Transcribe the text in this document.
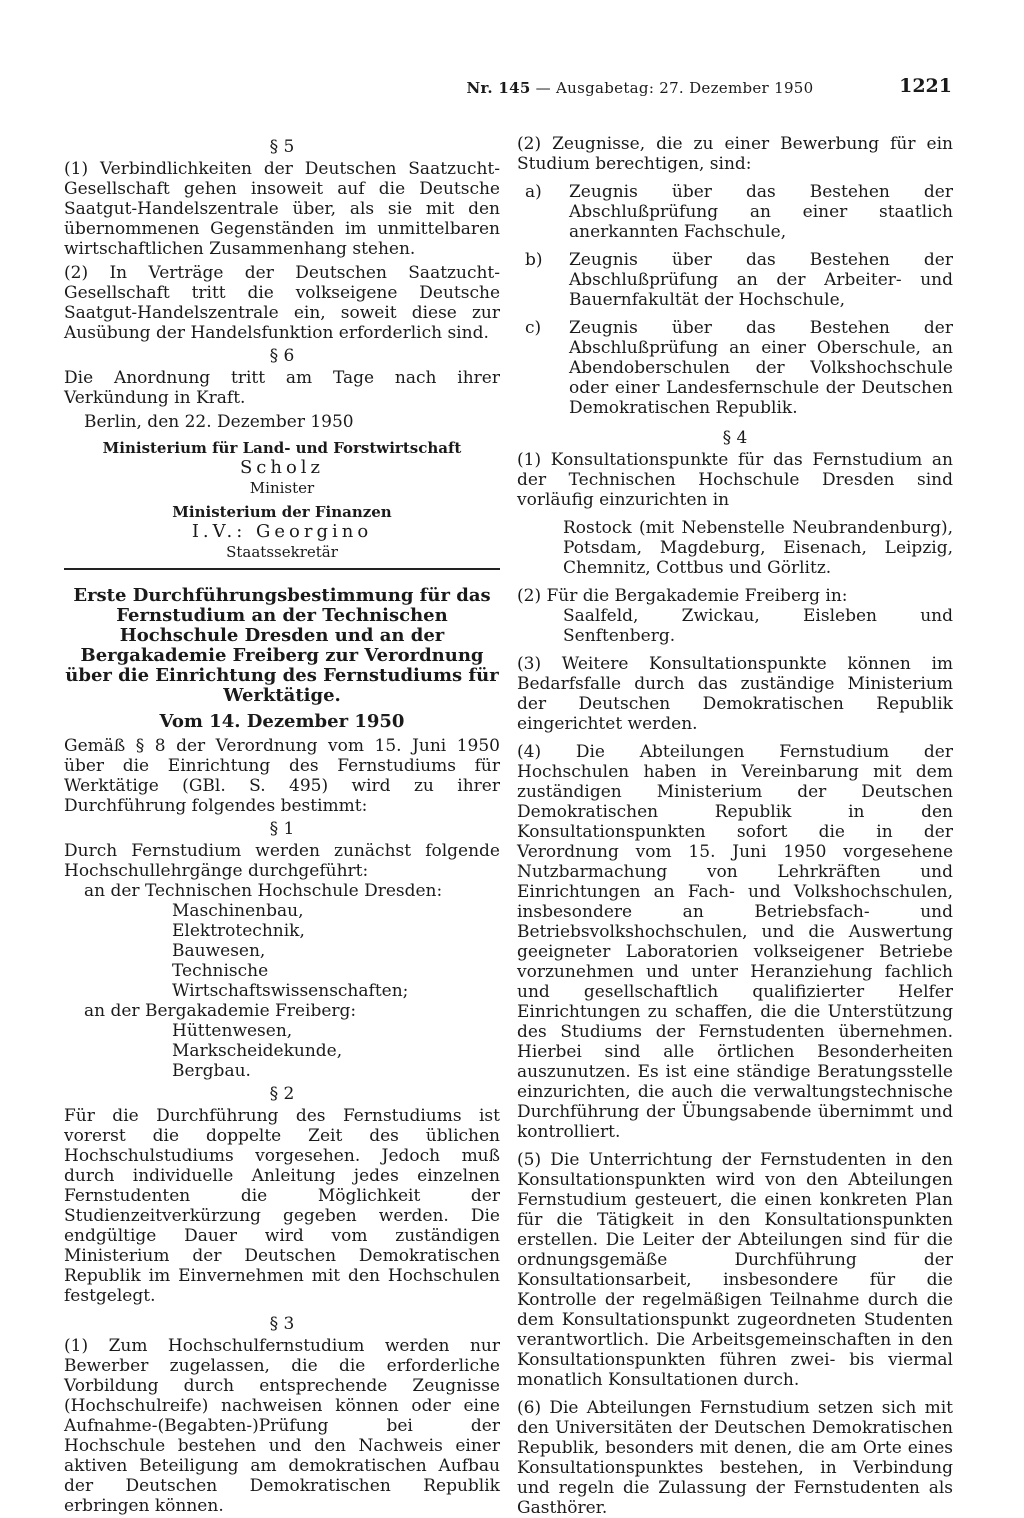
Nr. 145 — Ausgabetag: 27. Dezember 1950	1221
§ 5

(1) Verbindlichkeiten der Deutschen Saatzucht-Gesellschaft gehen insoweit auf die Deutsche Saatgut-Handelszentrale über, als sie mit den übernommenen Gegenständen im unmittelbaren wirtschaftlichen Zusammenhang stehen.

(2) In Verträge der Deutschen Saatzucht-Gesellschaft tritt die volkseigene Deutsche Saatgut-Handelszentrale ein, soweit diese zur Ausübung der Handelsfunktion erforderlich sind.

§ 6

Die Anordnung tritt am Tage nach ihrer Verkündung in Kraft.

Berlin, den 22. Dezember 1950

Ministerium für Land- und Forstwirtschaft
Scholz
Minister
Ministerium der Finanzen
I.V.: Georgino
Staatssekretär
Erste Durchführungsbestimmung für das Fernstudium an der Technischen Hochschule Dresden und an der Bergakademie Freiberg zur Verordnung über die Einrichtung des Fernstudiums für Werktätige.
Vom 14. Dezember 1950

Gemäß § 8 der Verordnung vom 15. Juni 1950 über die Einrichtung des Fernstudiums für Werktätige (GBl. S. 495) wird zu ihrer Durchführung folgendes bestimmt:

§ 1

Durch Fernstudium werden zunächst folgende Hochschullehrgänge durchgeführt:

an der Technischen Hochschule Dresden:

Maschinenbau,
Elektrotechnik,
Bauwesen,
Technische Wirtschaftswissenschaften;

an der Bergakademie Freiberg:

Hüttenwesen,
Markscheidekunde,
Bergbau.
§ 2

Für die Durchführung des Fernstudiums ist vorerst die doppelte Zeit des üblichen Hochschulstudiums vorgesehen. Jedoch muß durch individuelle Anleitung jedes einzelnen Fernstudenten die Möglichkeit der Studienzeitverkürzung gegeben werden. Die endgültige Dauer wird vom zuständigen Ministerium der Deutschen Demokratischen Republik im Einvernehmen mit den Hochschulen festgelegt.

§ 3

(1) Zum Hochschulfernstudium werden nur Bewerber zugelassen, die die erforderliche Vorbildung durch entsprechende Zeugnisse (Hochschulreife) nachweisen können oder eine Aufnahme-(Begabten-)Prüfung bei der Hochschule bestehen und den Nachweis einer aktiven Beteiligung am demokratischen Aufbau der Deutschen Demokratischen Republik erbringen können.

(2) Zeugnisse, die zu einer Bewerbung für ein Studium berechtigen, sind:

a)	Zeugnis über das Bestehen der Abschlußprüfung an einer staatlich anerkannten Fachschule,
b)	Zeugnis über das Bestehen der Abschlußprüfung an der Arbeiter- und Bauernfakultät der Hochschule,
c)	Zeugnis über das Bestehen der Abschlußprüfung an einer Oberschule, an Abendoberschulen der Volkshochschule oder einer Landesfernschule der Deutschen Demokratischen Republik.
§ 4

(1) Konsultationspunkte für das Fernstudium an der Technischen Hochschule Dresden sind vorläufig einzurichten in

Rostock (mit Nebenstelle Neubrandenburg), Potsdam, Magdeburg, Eisenach, Leipzig, Chemnitz, Cottbus und Görlitz.

(2) Für die Bergakademie Freiberg in:

Saalfeld, Zwickau, Eisleben und Senftenberg.

(3) Weitere Konsultationspunkte können im Bedarfsfalle durch das zuständige Ministerium der Deutschen Demokratischen Republik eingerichtet werden.

(4) Die Abteilungen Fernstudium der Hochschulen haben in Vereinbarung mit dem zuständigen Ministerium der Deutschen Demokratischen Republik in den Konsultationspunkten sofort die in der Verordnung vom 15. Juni 1950 vorgesehene Nutzbarmachung von Lehrkräften und Einrichtungen an Fach- und Volkshochschulen, insbesondere an Betriebsfach- und Betriebsvolkshochschulen, und die Auswertung geeigneter Laboratorien volkseigener Betriebe vorzunehmen und unter Heranziehung fachlich und gesellschaftlich qualifizierter Helfer Einrichtungen zu schaffen, die die Unterstützung des Studiums der Fernstudenten übernehmen. Hierbei sind alle örtlichen Besonderheiten auszunutzen. Es ist eine ständige Beratungsstelle einzurichten, die auch die verwaltungstechnische Durchführung der Übungsabende übernimmt und kontrolliert.

(5) Die Unterrichtung der Fernstudenten in den Konsultationspunkten wird von den Abteilungen Fernstudium gesteuert, die einen konkreten Plan für die Tätigkeit in den Konsultationspunkten erstellen. Die Leiter der Abteilungen sind für die ordnungsgemäße Durchführung der Konsultationsarbeit, insbesondere für die Kontrolle der regelmäßigen Teilnahme durch die dem Konsultationspunkt zugeordneten Studenten verantwortlich. Die Arbeitsgemeinschaften in den Konsultationspunkten führen zwei- bis viermal monatlich Konsultationen durch.

(6) Die Abteilungen Fernstudium setzen sich mit den Universitäten der Deutschen Demokratischen Republik, besonders mit denen, die am Orte eines Konsultationspunktes bestehen, in Verbindung und regeln die Zulassung der Fernstudenten als Gasthörer.
